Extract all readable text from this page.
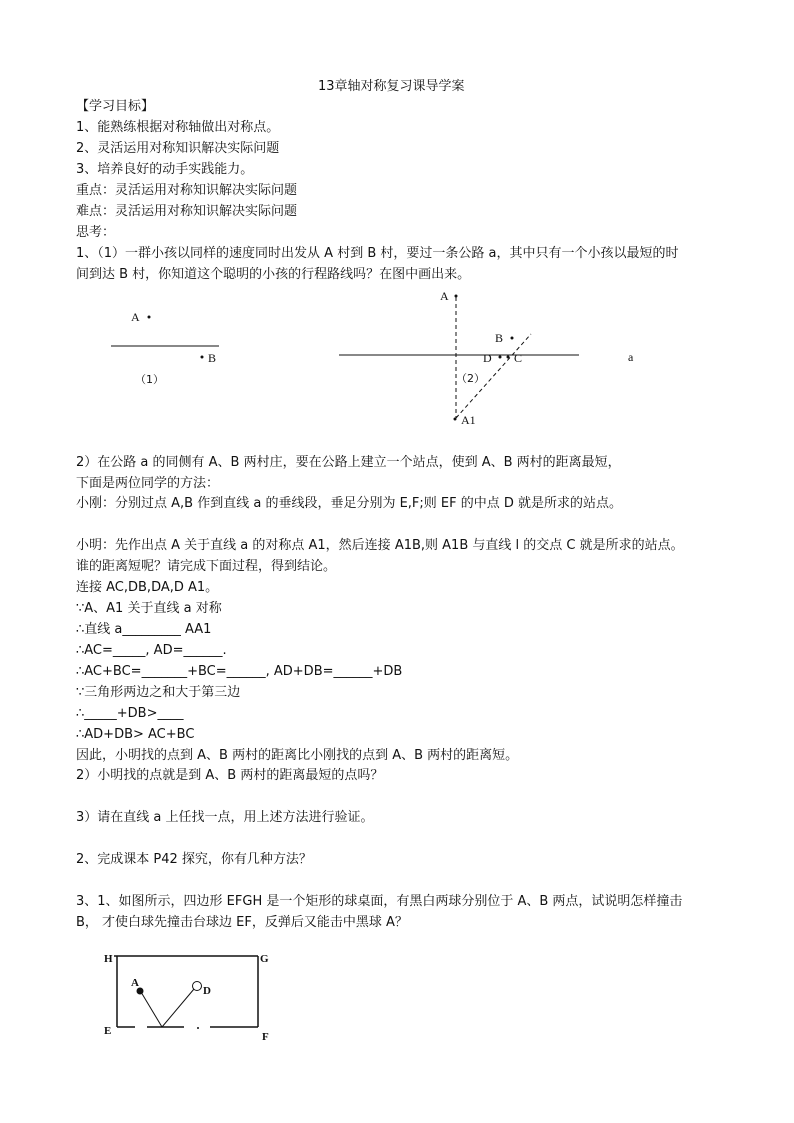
13章轴对称复习课导学案
【学习目标】
1、能熟练根据对称轴做出对称点。
2、灵活运用对称知识解决实际问题
3、培养良好的动手实践能力。
重点：灵活运用对称知识解决实际问题
难点：灵活运用对称知识解决实际问题
思考：
1、（1）一群小孩以同样的速度同时出发从 A 村到 B 村，要过一条公路 a，其中只有一个小孩以最短的时
间到达 B 村，你知道这个聪明的小孩的行程路线吗？在图中画出来。
A
B
（1）
A
B
D C	a
（2）
A1
2）在公路 a 的同侧有 A、B 两村庄，要在公路上建立一个站点，使到 A、B 两村的距离最短，
下面是两位同学的方法：
小刚：分别过点 A,B 作到直线 a 的垂线段，垂足分别为 E,F;则 EF 的中点 D 就是所求的站点。
小明：先作出点 A 关于直线 a 的对称点 A1，然后连接 A1B,则 A1B 与直线 l 的交点 C 就是所求的站点。
谁的距离短呢？请完成下面过程，得到结论。
连接 AC,DB,DA,D A1。
∵A、A1 关于直线 a 对称
∴直线 a_________ AA1
∴AC=_____, AD=______.
∴AC+BC=_______+BC=______, AD+DB=______+DB
∵三角形两边之和大于第三边
∴_____+DB>____
∴AD+DB> AC+BC
因此，小明找的点到 A、B 两村的距离比小刚找的点到 A、B 两村的距离短。
2）小明找的点就是到 A、B 两村的距离最短的点吗？
3）请在直线 a 上任找一点，用上述方法进行验证。
2、完成课本 P42 探究，你有几种方法？
3、1、如图所示，四边形 EFGH 是一个矩形的球桌面，有黑白两球分别位于 A、B 两点，试说明怎样撞击
B， 才使白球先撞击台球边 EF，反弹后又能击中黑球 A？
H	G
E	F
A
D
